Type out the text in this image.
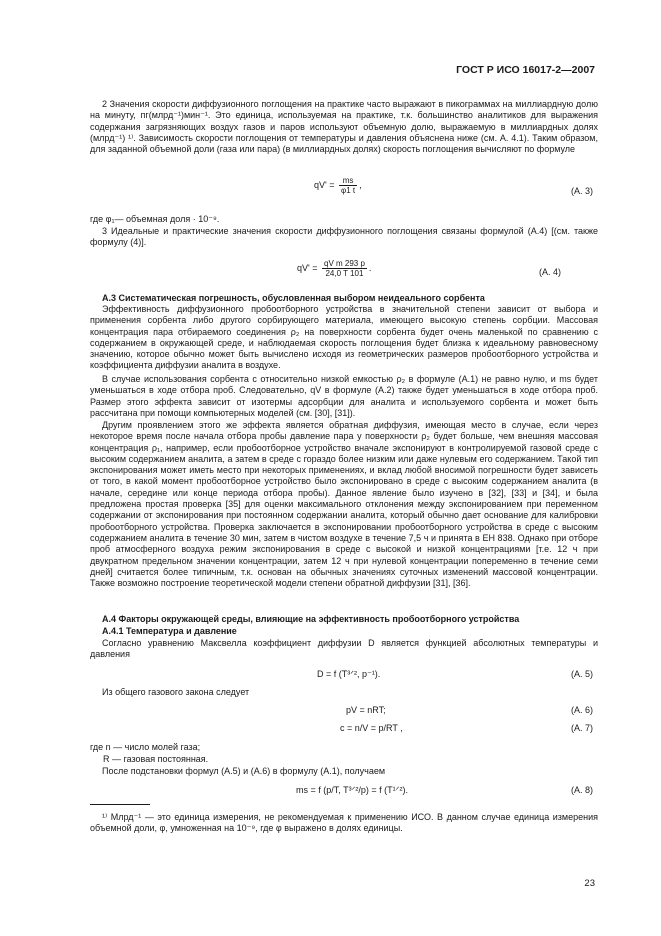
ГОСТ Р ИСО 16017-2—2007

2 Значения скорости диффузионного поглощения на практике часто выражают в пикограммах на миллиардную долю на минуту, пг(млрд⁻¹)мин⁻¹. Это единица, используемая на практике, т.к. большинство аналитиков для выражения содержания загрязняющих воздух газов и паров используют объемную долю, выражаемую в миллиардных долях (млрд⁻¹) ¹⁾. Зависимость скорости поглощения от температуры и давления объяснена ниже (см. А. 4.1). Таким образом, для заданной объемной доли (газа или пара) (в миллиардных долях) скорость поглощения вычисляют по формуле

$qV' = \frac{ms}{\varphi 1 t}$ ,
(А. 3)

где φ₁— объемная доля · 10⁻⁹.

3 Идеальные и практические значения скорости диффузионного поглощения связаны формулой (А.4) [(см. также формулу (4)].

$qV' = \frac{\text{qV m 293 p}}{24,0 T 101}$ .	(А. 4)

А.3 Систематическая погрешность, обусловленная выбором неидеального сорбента

Эффективность диффузионного пробоотборного устройства в значительной степени зависит от выбора и применения сорбента либо другого сорбирующего материала, имеющего высокую степень сорбции. Массовая концентрация пара отбираемого соединения ρ₂ на поверхности сорбента будет очень маленькой по сравнению с содержанием в окружающей среде, и наблюдаемая скорость поглощения будет близка к идеальному равновесному значению, которое обычно может быть вычислено исходя из геометрических размеров пробоотборного устройства и коэффициента диффузии аналита в воздухе.

В случае использования сорбента с относительно низкой емкостью ρ₂ в формуле (А.1) не равно нулю, и ms будет уменьшаться в ходе отбора проб. Следовательно, qV в формуле (А.2) также будет уменьшаться в ходе отбора проб. Размер этого эффекта зависит от изотермы адсорбции для аналита и используемого сорбента и может быть рассчитана при помощи компьютерных моделей (см. [30], [31]).

Другим проявлением этого же эффекта является обратная диффузия, имеющая место в случае, если через некоторое время после начала отбора пробы давление пара у поверхности ρ₂ будет больше, чем внешняя массовая концентрация ρ₁, например, если пробоотборное устройство вначале экспонируют в контролируемой газовой среде с высоким содержанием аналита, а затем в среде с гораздо более низким или даже нулевым его содержанием. Такой тип экспонирования может иметь место при некоторых применениях, и вклад любой вносимой погрешности будет зависеть от того, в какой момент пробоотборное устройство было экспонировано в среде с высоким содержанием аналита (в начале, середине или конце периода отбора пробы). Данное явление было изучено в [32], [33] и [34], и была предложена простая проверка [35] для оценки максимального отклонения между экспонированием при переменном содержании от экспонирования при постоянном содержании аналита, который обычно дает основание для калибровки пробоотборного устройства. Проверка заключается в экспонировании пробоотборного устройства в среде с высоким содержанием аналита в течение 30 мин, затем в чистом воздухе в течение 7,5 ч и принята в ЕН 838. Однако при отборе проб атмосферного воздуха режим экспонирования в среде с высокой и низкой концентрациями [т.е. 12 ч при двукратном предельном значении концентрации, затем 12 ч при нулевой концентрации попеременно в течение семи дней] считается более типичным, т.к. основан на обычных значениях суточных изменений массовой концентрации. Также возможно построение теоретической модели степени обратной диффузии [31], [36].

А.4 Факторы окружающей среды, влияющие на эффективность пробоотборного устройства

А.4.1 Температура и давление

Согласно уравнению Максвелла коэффициент диффузии D является функцией абсолютных температуры и давления

D = f (T³ᐟ², p⁻¹).	(А. 5)

Из общего газового закона следует

pV = nRT;	(А. 6)
c = n/V = p/RT ,	(А. 7)

где n — число молей газа;

R — газовая постоянная.

После подстановки формул (А.5) и (А.6) в формулу (А.1), получаем

ms = f (p/T, T³ᐟ²/p) = f (T¹ᐟ²).	(А. 8)

¹⁾ Млрд⁻¹ — это единица измерения, не рекомендуемая к применению ИСО. В данном случае единица измерения объемной доли, φ, умноженная на 10⁻⁹, где φ выражено в долях единицы.

23
